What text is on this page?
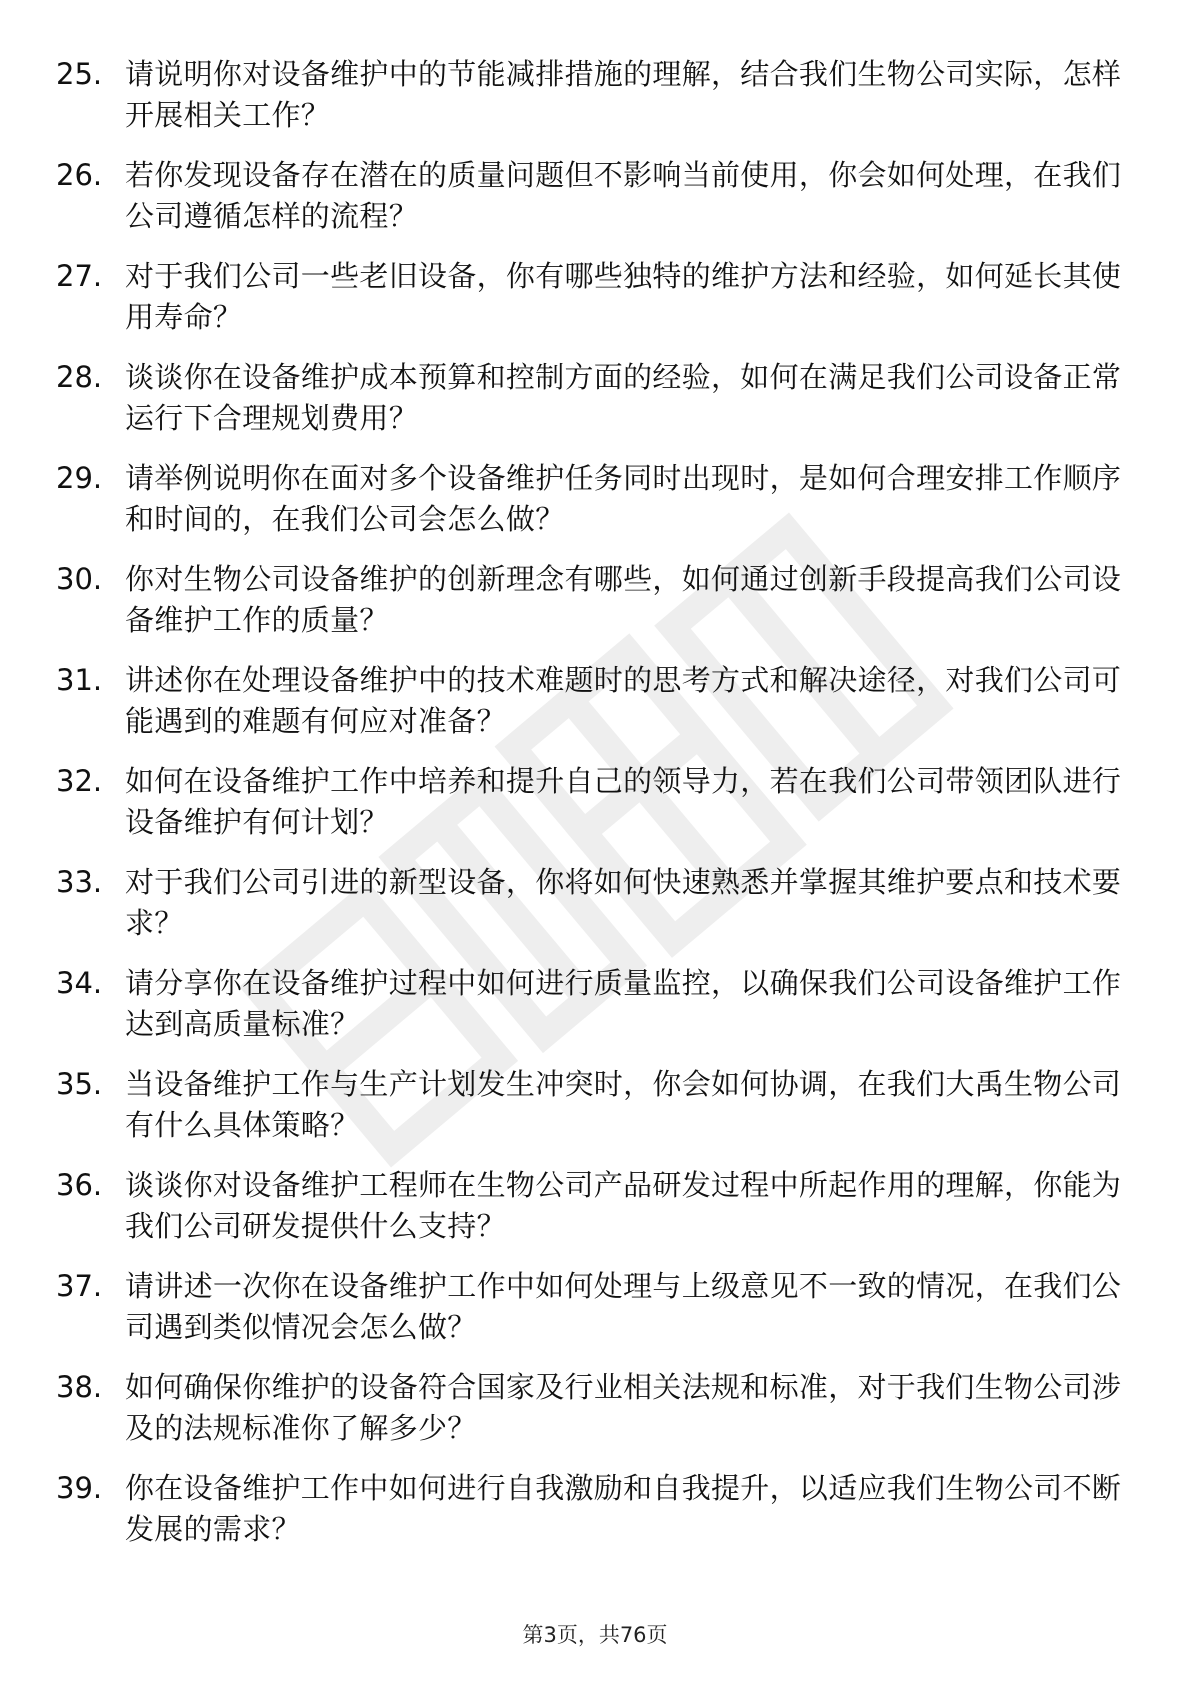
25. 请说明你对设备维护中的节能减排措施的理解，结合我们生物公司实际，怎样开展相关工作？
26. 若你发现设备存在潜在的质量问题但不影响当前使用，你会如何处理，在我们公司遵循怎样的流程？
27. 对于我们公司一些老旧设备，你有哪些独特的维护方法和经验，如何延长其使用寿命？
28. 谈谈你在设备维护成本预算和控制方面的经验，如何在满足我们公司设备正常运行下合理规划费用？
29. 请举例说明你在面对多个设备维护任务同时出现时，是如何合理安排工作顺序和时间的，在我们公司会怎么做？
30. 你对生物公司设备维护的创新理念有哪些，如何通过创新手段提高我们公司设备维护工作的质量？
31. 讲述你在处理设备维护中的技术难题时的思考方式和解决途径，对我们公司可能遇到的难题有何应对准备？
32. 如何在设备维护工作中培养和提升自己的领导力，若在我们公司带领团队进行设备维护有何计划？
33. 对于我们公司引进的新型设备，你将如何快速熟悉并掌握其维护要点和技术要求？
34. 请分享你在设备维护过程中如何进行质量监控，以确保我们公司设备维护工作达到高质量标准？
35. 当设备维护工作与生产计划发生冲突时，你会如何协调，在我们大禹生物公司有什么具体策略？
36. 谈谈你对设备维护工程师在生物公司产品研发过程中所起作用的理解，你能为我们公司研发提供什么支持？
37. 请讲述一次你在设备维护工作中如何处理与上级意见不一致的情况，在我们公司遇到类似情况会怎么做？
38. 如何确保你维护的设备符合国家及行业相关法规和标准，对于我们生物公司涉及的法规标准你了解多少？
39. 你在设备维护工作中如何进行自我激励和自我提升，以适应我们生物公司不断发展的需求？
第3页，共76页
